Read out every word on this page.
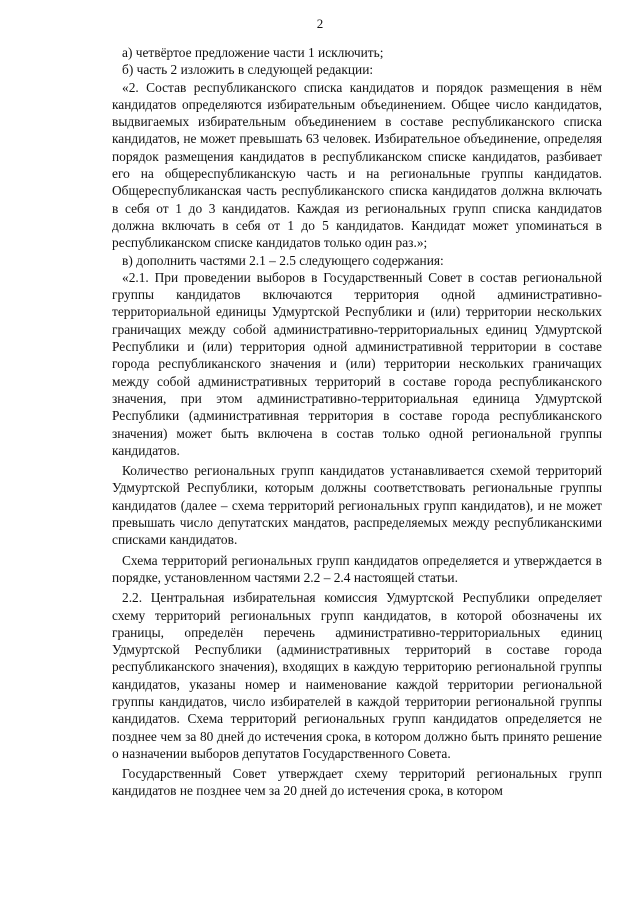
2

а) четвёртое предложение части 1 исключить;

б) часть 2 изложить в следующей редакции:

«2. Состав республиканского списка кандидатов и порядок размещения в нём кандидатов определяются избирательным объединением. Общее число кандидатов, выдвигаемых избирательным объединением в составе республиканского списка кандидатов, не может превышать 63 человек. Избирательное объединение, определяя порядок размещения кандидатов в республиканском списке кандидатов, разбивает его на общереспубликанскую часть и на региональные группы кандидатов. Общереспубликанская часть республиканского списка кандидатов должна включать в себя от 1 до 3 кандидатов. Каждая из региональных групп списка кандидатов должна включать в себя от 1 до 5 кандидатов. Кандидат может упоминаться в республиканском списке кандидатов только один раз.»;

в) дополнить частями 2.1 – 2.5 следующего содержания:

«2.1. При проведении выборов в Государственный Совет в состав региональной группы кандидатов включаются территория одной административно-территориальной единицы Удмуртской Республики и (или) территории нескольких граничащих между собой административно-территориальных единиц Удмуртской Республики и (или) территория одной административной территории в составе города республиканского значения и (или) территории нескольких граничащих между собой административных территорий в составе города республиканского значения, при этом административно-территориальная единица Удмуртской Республики (административная территория в составе города республиканского значения) может быть включена в состав только одной региональной группы кандидатов.

Количество региональных групп кандидатов устанавливается схемой территорий Удмуртской Республики, которым должны соответствовать региональные группы кандидатов (далее – схема территорий региональных групп кандидатов), и не может превышать число депутатских мандатов, распределяемых между республиканскими списками кандидатов.

Схема территорий региональных групп кандидатов определяется и утверждается в порядке, установленном частями 2.2 – 2.4 настоящей статьи.

2.2. Центральная избирательная комиссия Удмуртской Республики определяет схему территорий региональных групп кандидатов, в которой обозначены их границы, определён перечень административно-территориальных единиц Удмуртской Республики (административных территорий в составе города республиканского значения), входящих в каждую территорию региональной группы кандидатов, указаны номер и наименование каждой территории региональной группы кандидатов, число избирателей в каждой территории региональной группы кандидатов. Схема территорий региональных групп кандидатов определяется не позднее чем за 80 дней до истечения срока, в котором должно быть принято решение о назначении выборов депутатов Государственного Совета.

Государственный Совет утверждает схему территорий региональных групп кандидатов не позднее чем за 20 дней до истечения срока, в котором
